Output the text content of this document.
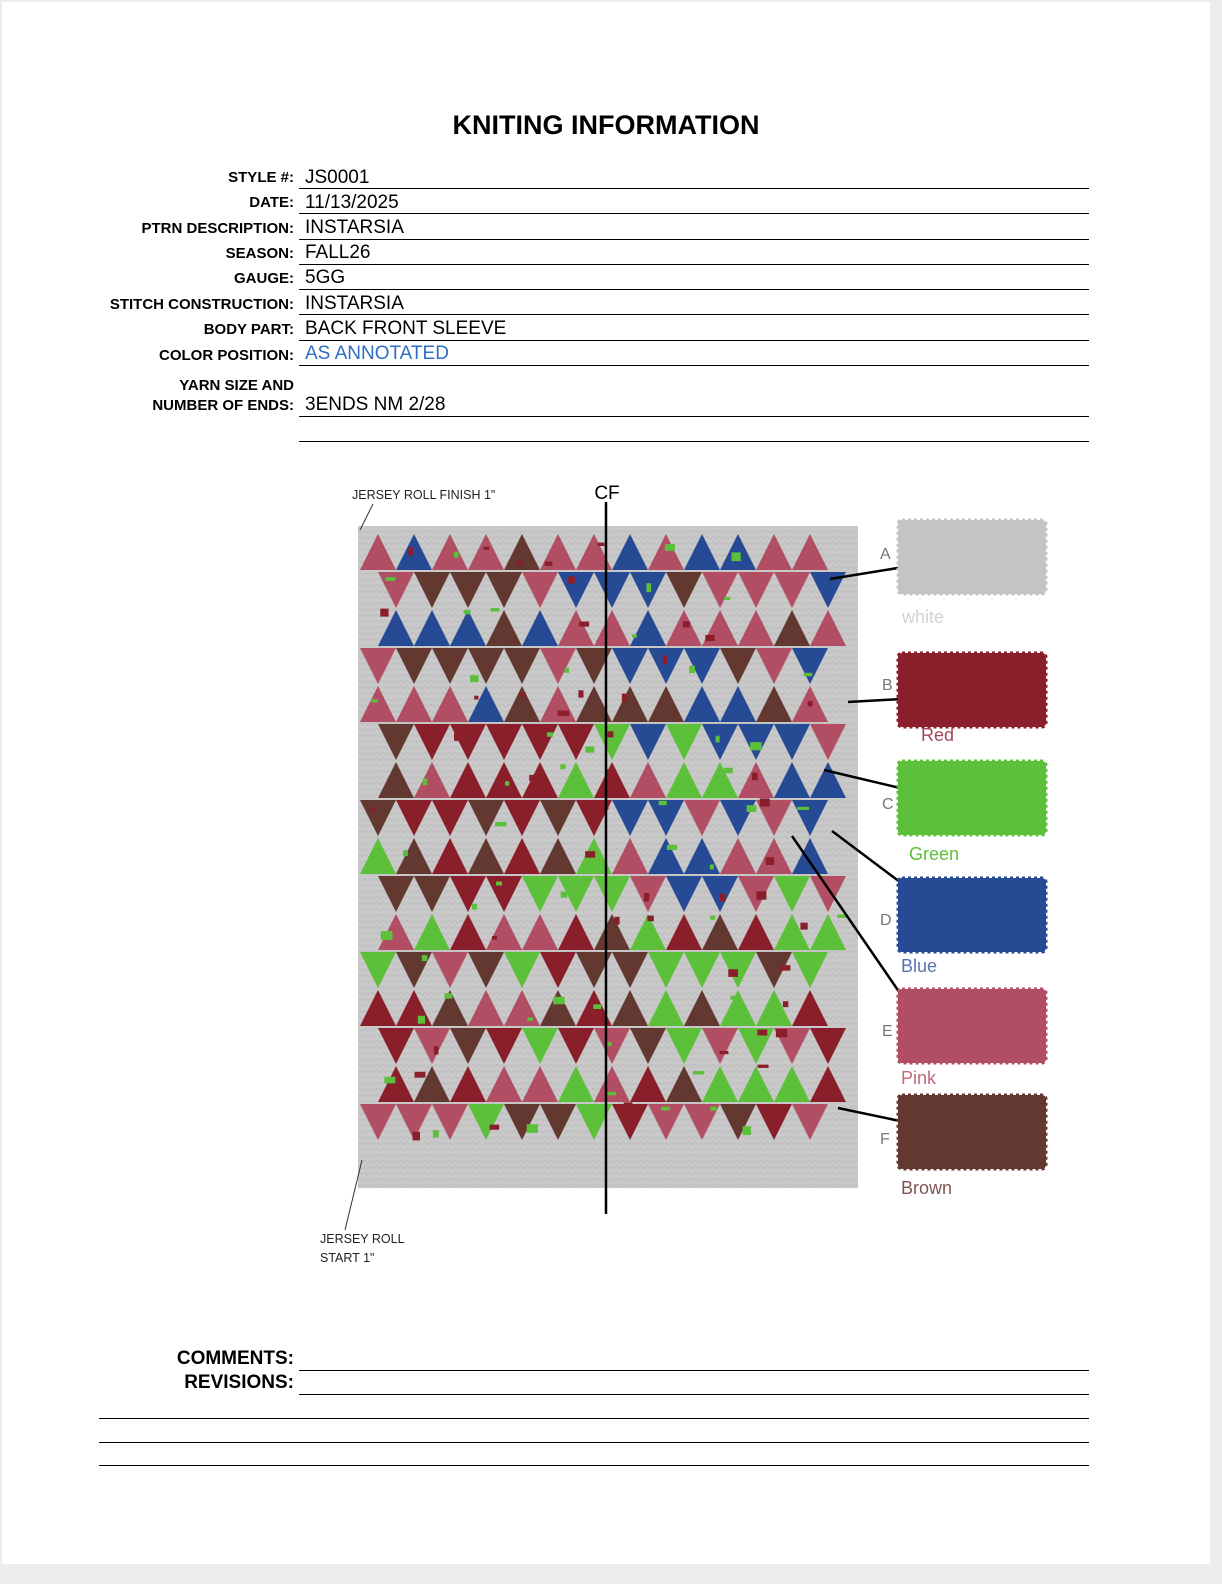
KNITING INFORMATION
STYLE #: JS0001
DATE: 11/13/2025
PTRN DESCRIPTION: INSTARSIA
SEASON: FALL26
GAUGE: 5GG
STITCH CONSTRUCTION: INSTARSIA
BODY PART: BACK FRONT SLEEVE
COLOR POSITION: AS ANNOTATED
YARN SIZE AND
NUMBER OF ENDS: 3ENDS NM 2/28
CF
JERSEY ROLL FINISH 1"
JERSEY ROLL
START 1"
A
white
B
Red
C
Green
D
Blue
E
Pink
F
Brown
COMMENTS:
REVISIONS:
